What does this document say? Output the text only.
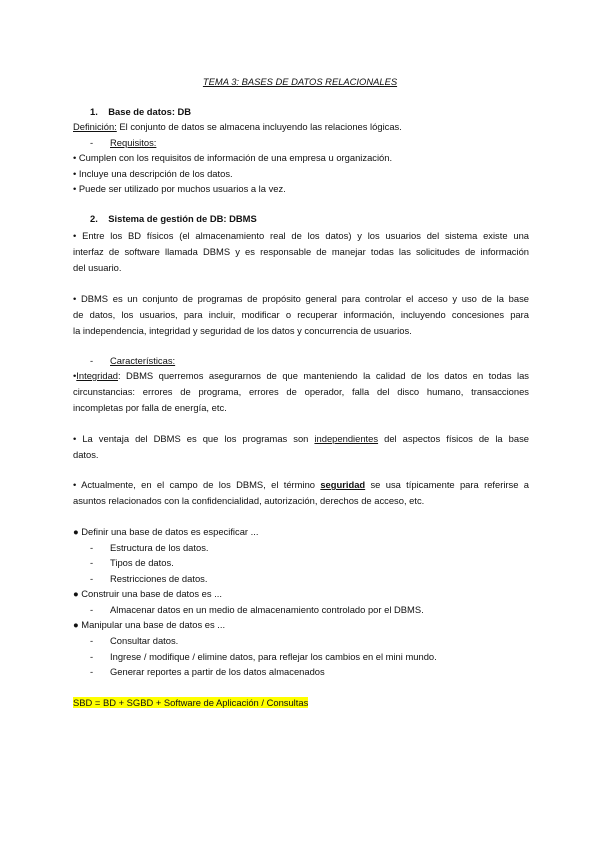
TEMA 3: BASES DE DATOS RELACIONALES
1. Base de datos: DB
Definición: El conjunto de datos se almacena incluyendo las relaciones lógicas.
- Requisitos:
• Cumplen con los requisitos de información de una empresa u organización.
• Incluye una descripción de los datos.
• Puede ser utilizado por muchos usuarios a la vez.
2. Sistema de gestión de DB: DBMS
• Entre los BD físicos (el almacenamiento real de los datos) y los usuarios del sistema existe una
interfaz de software llamada DBMS y es responsable de manejar todas las solicitudes de información
del usuario.
• DBMS es un conjunto de programas de propósito general para controlar el acceso y uso de la base
de datos, los usuarios, para incluir, modificar o recuperar información, incluyendo concesiones para
la independencia, integridad y seguridad de los datos y concurrencia de usuarios.
- Características:
•Integridad: DBMS querremos asegurarnos de que manteniendo la calidad de los datos en todas las
circunstancias: errores de programa, errores de operador, falla del disco humano, transacciones
incompletas por falla de energía, etc.
• La ventaja del DBMS es que los programas son independientes del aspectos físicos de la base
datos.
• Actualmente, en el campo de los DBMS, el término seguridad se usa típicamente para referirse a
asuntos relacionados con la confidencialidad, autorización, derechos de acceso, etc.
● Definir una base de datos es especificar ...
- Estructura de los datos.
- Tipos de datos.
- Restricciones de datos.
● Construir una base de datos es ...
- Almacenar datos en un medio de almacenamiento controlado por el DBMS.
● Manipular una base de datos es ...
- Consultar datos.
- Ingrese / modifique / elimine datos, para reflejar los cambios en el mini mundo.
- Generar reportes a partir de los datos almacenados
SBD = BD + SGBD + Software de Aplicación / Consultas
